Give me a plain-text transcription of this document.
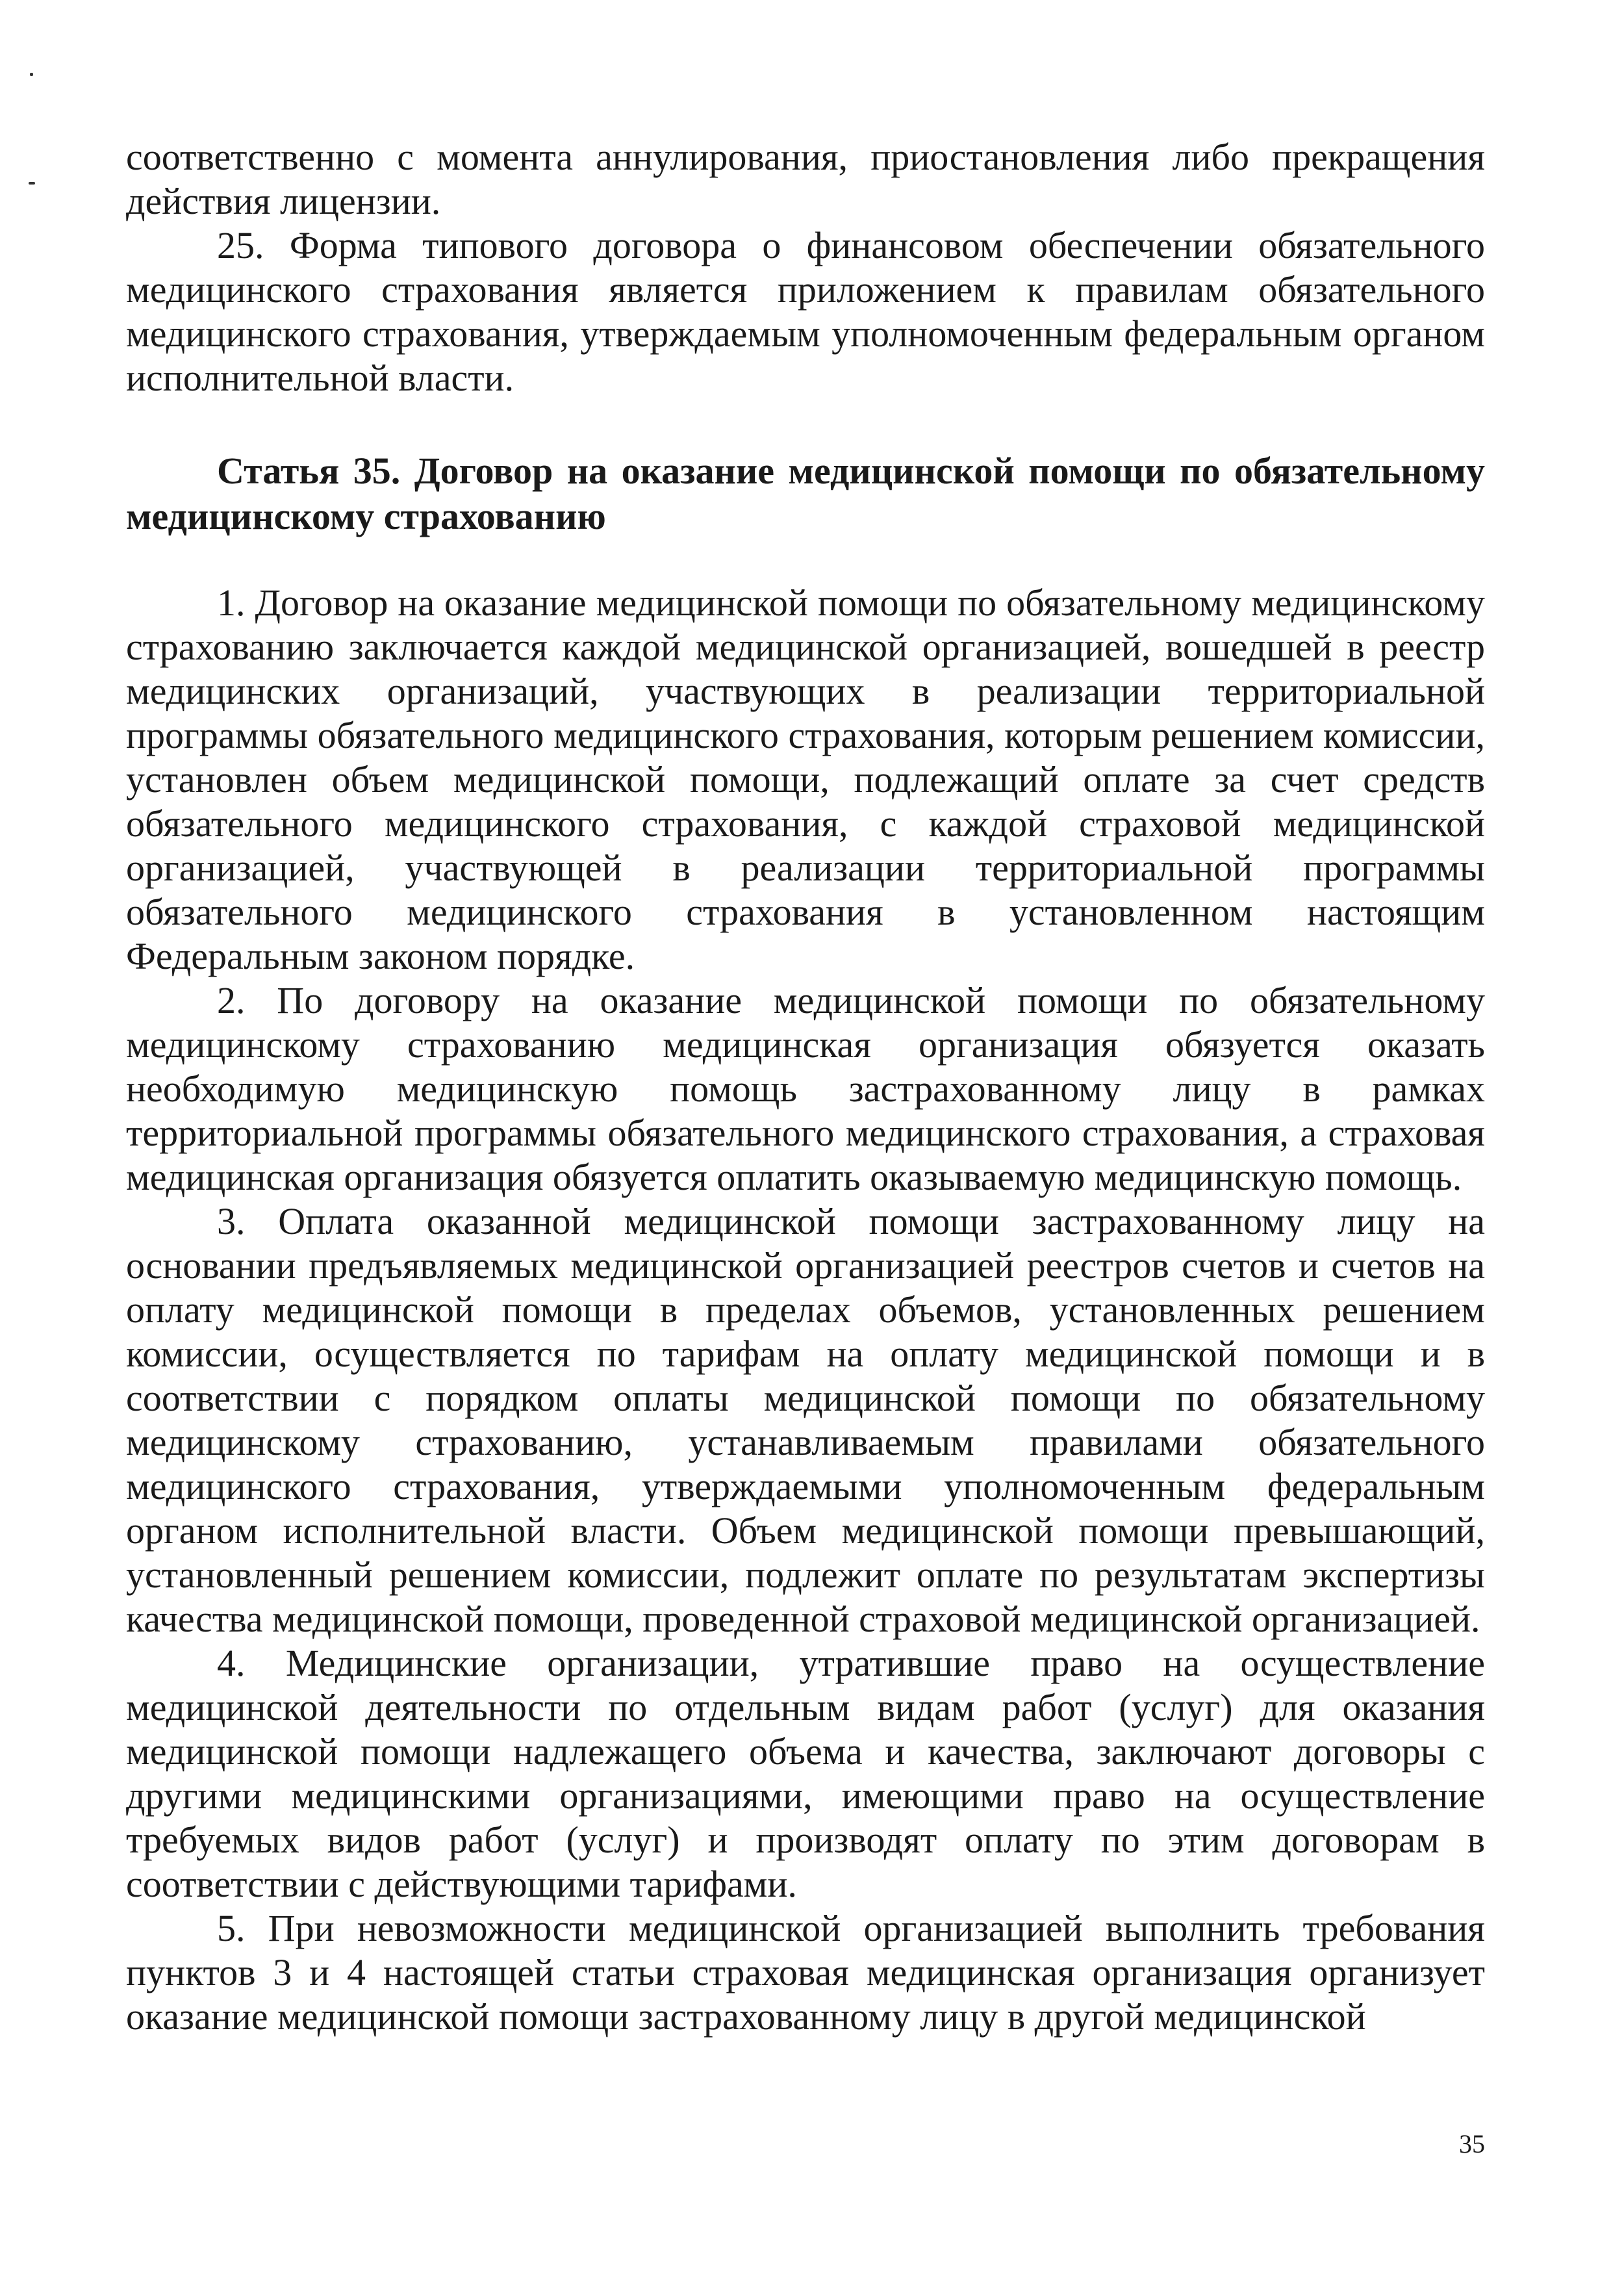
соответственно с момента аннулирования, приостановления либо прекращения действия лицензии.

25. Форма типового договора о финансовом обеспечении обязательного медицинского страхования является приложением к правилам обязательного медицинского страхования, утверждаемым уполномоченным федеральным органом исполнительной власти.

Статья 35. Договор на оказание медицинской помощи по обязательному медицинскому страхованию

1. Договор на оказание медицинской помощи по обязательному медицинскому страхованию заключается каждой медицинской организацией, вошедшей в реестр медицинских организаций, участвующих в реализации территориальной программы обязательного медицинского страхования, которым решением комиссии, установлен объем медицинской помощи, подлежащий оплате за счет средств обязательного медицинского страхования, с каждой страховой медицинской организацией, участвующей в реализации территориальной программы обязательного медицинского страхования в установленном настоящим Федеральным законом порядке.

2. По договору на оказание медицинской помощи по обязательному медицинскому страхованию медицинская организация обязуется оказать необходимую медицинскую помощь застрахованному лицу в рамках территориальной программы обязательного медицинского страхования, а страховая медицинская организация обязуется оплатить оказываемую медицинскую помощь.

3. Оплата оказанной медицинской помощи застрахованному лицу на основании предъявляемых медицинской организацией реестров счетов и счетов на оплату медицинской помощи в пределах объемов, установленных решением комиссии, осуществляется по тарифам на оплату медицинской помощи и в соответствии с порядком оплаты медицинской помощи по обязательному медицинскому страхованию, устанавливаемым правилами обязательного медицинского страхования, утверждаемыми уполномоченным федеральным органом исполнительной власти. Объем медицинской помощи превышающий, установленный решением комиссии, подлежит оплате по результатам экспертизы качества медицинской помощи, проведенной страховой медицинской организацией.

4. Медицинские организации, утратившие право на осуществление медицинской деятельности по отдельным видам работ (услуг) для оказания медицинской помощи надлежащего объема и качества, заключают договоры с другими медицинскими организациями, имеющими право на осуществление требуемых видов работ (услуг) и производят оплату по этим договорам в соответствии с действующими тарифами.

5. При невозможности медицинской организацией выполнить требования пунктов 3 и 4 настоящей статьи страховая медицинская организация организует оказание медицинской помощи застрахованному лицу в другой медицинской

35
